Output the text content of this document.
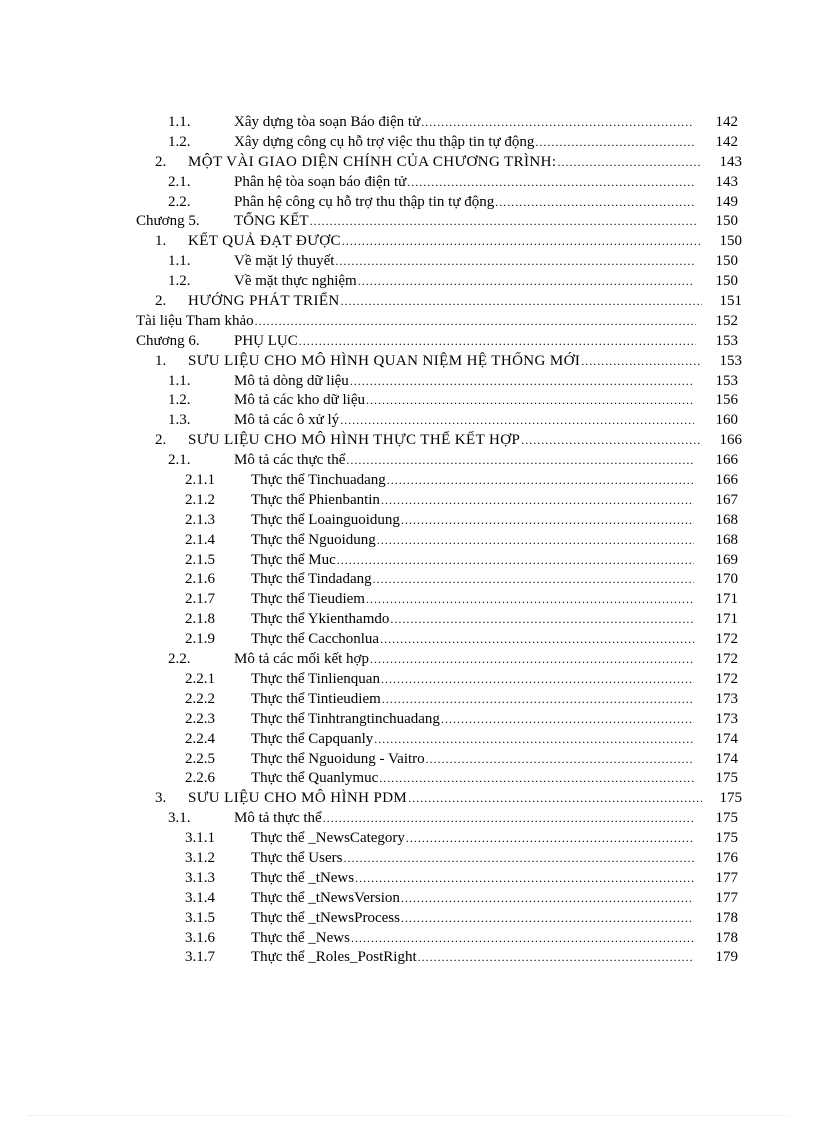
1.1.	Xây dựng tòa soạn Báo điện tử .....	142
1.2.	Xây dựng công cụ hỗ trợ việc thu thập tin tự động .....	142
2. MỘT VÀI GIAO DIỆN CHÍNH CỦA CHƯƠNG TRÌNH: .....	143
2.1.	Phân hệ tòa soạn báo điện tử .....	143
2.2.	Phân hệ công cụ hỗ trợ thu thập tin tự động .....	149
Chương 5. TỔNG KẾT .....	150
1. KẾT QUẢ ĐẠT ĐƯỢC .....	150
1.1.	Về mặt lý thuyết .....	150
1.2.	Về mặt thực nghiệm .....	150
2. HƯỚNG PHÁT TRIỂN .....	151
Tài liệu Tham khảo .....	152
Chương 6. PHỤ LỤC .....	153
1. SƯU LIỆU CHO MÔ HÌNH QUAN NIỆM HỆ THỐNG MỚI .....	153
1.1.	Mô tả dòng dữ liệu .....	153
1.2.	Mô tả các kho dữ liệu .....	156
1.3.	Mô tả các ô xử lý .....	160
2. SƯU LIỆU CHO MÔ HÌNH THỰC THỂ KẾT HỢP .....	166
2.1.	Mô tả các thực thể .....	166
2.1.1 Thực thể Tinchuadang .....	166
2.1.2 Thực thể Phienbantin .....	167
2.1.3 Thực thể Loainguoidung .....	168
2.1.4 Thực thể Nguoidung .....	168
2.1.5 Thực thể Muc .....	169
2.1.6 Thực thể Tindadang .....	170
2.1.7 Thực thể Tieudiem .....	171
2.1.8 Thực thể Ykienthamdo .....	171
2.1.9 Thực thể Cacchonlua .....	172
2.2.	Mô tả các mối kết hợp .....	172
2.2.1 Thực thể Tinlienquan .....	172
2.2.2 Thực thể Tintieudiem .....	173
2.2.3 Thực thể Tinhtrangtinchuadang .....	173
2.2.4 Thực thể Capquanly .....	174
2.2.5 Thực thể Nguoidung - Vaitro .....	174
2.2.6 Thực thể Quanlymuc .....	175
3. SƯU LIỆU CHO MÔ HÌNH PDM .....	175
3.1.	Mô tả thực thể .....	175
3.1.1 Thực thể _NewsCategory .....	175
3.1.2 Thực thể Users .....	176
3.1.3 Thực thể _tNews .....	177
3.1.4 Thực thể _tNewsVersion .....	177
3.1.5 Thực thể _tNewsProcess .....	178
3.1.6 Thực thể _News .....	178
3.1.7 Thực thể _Roles_PostRight .....	179
